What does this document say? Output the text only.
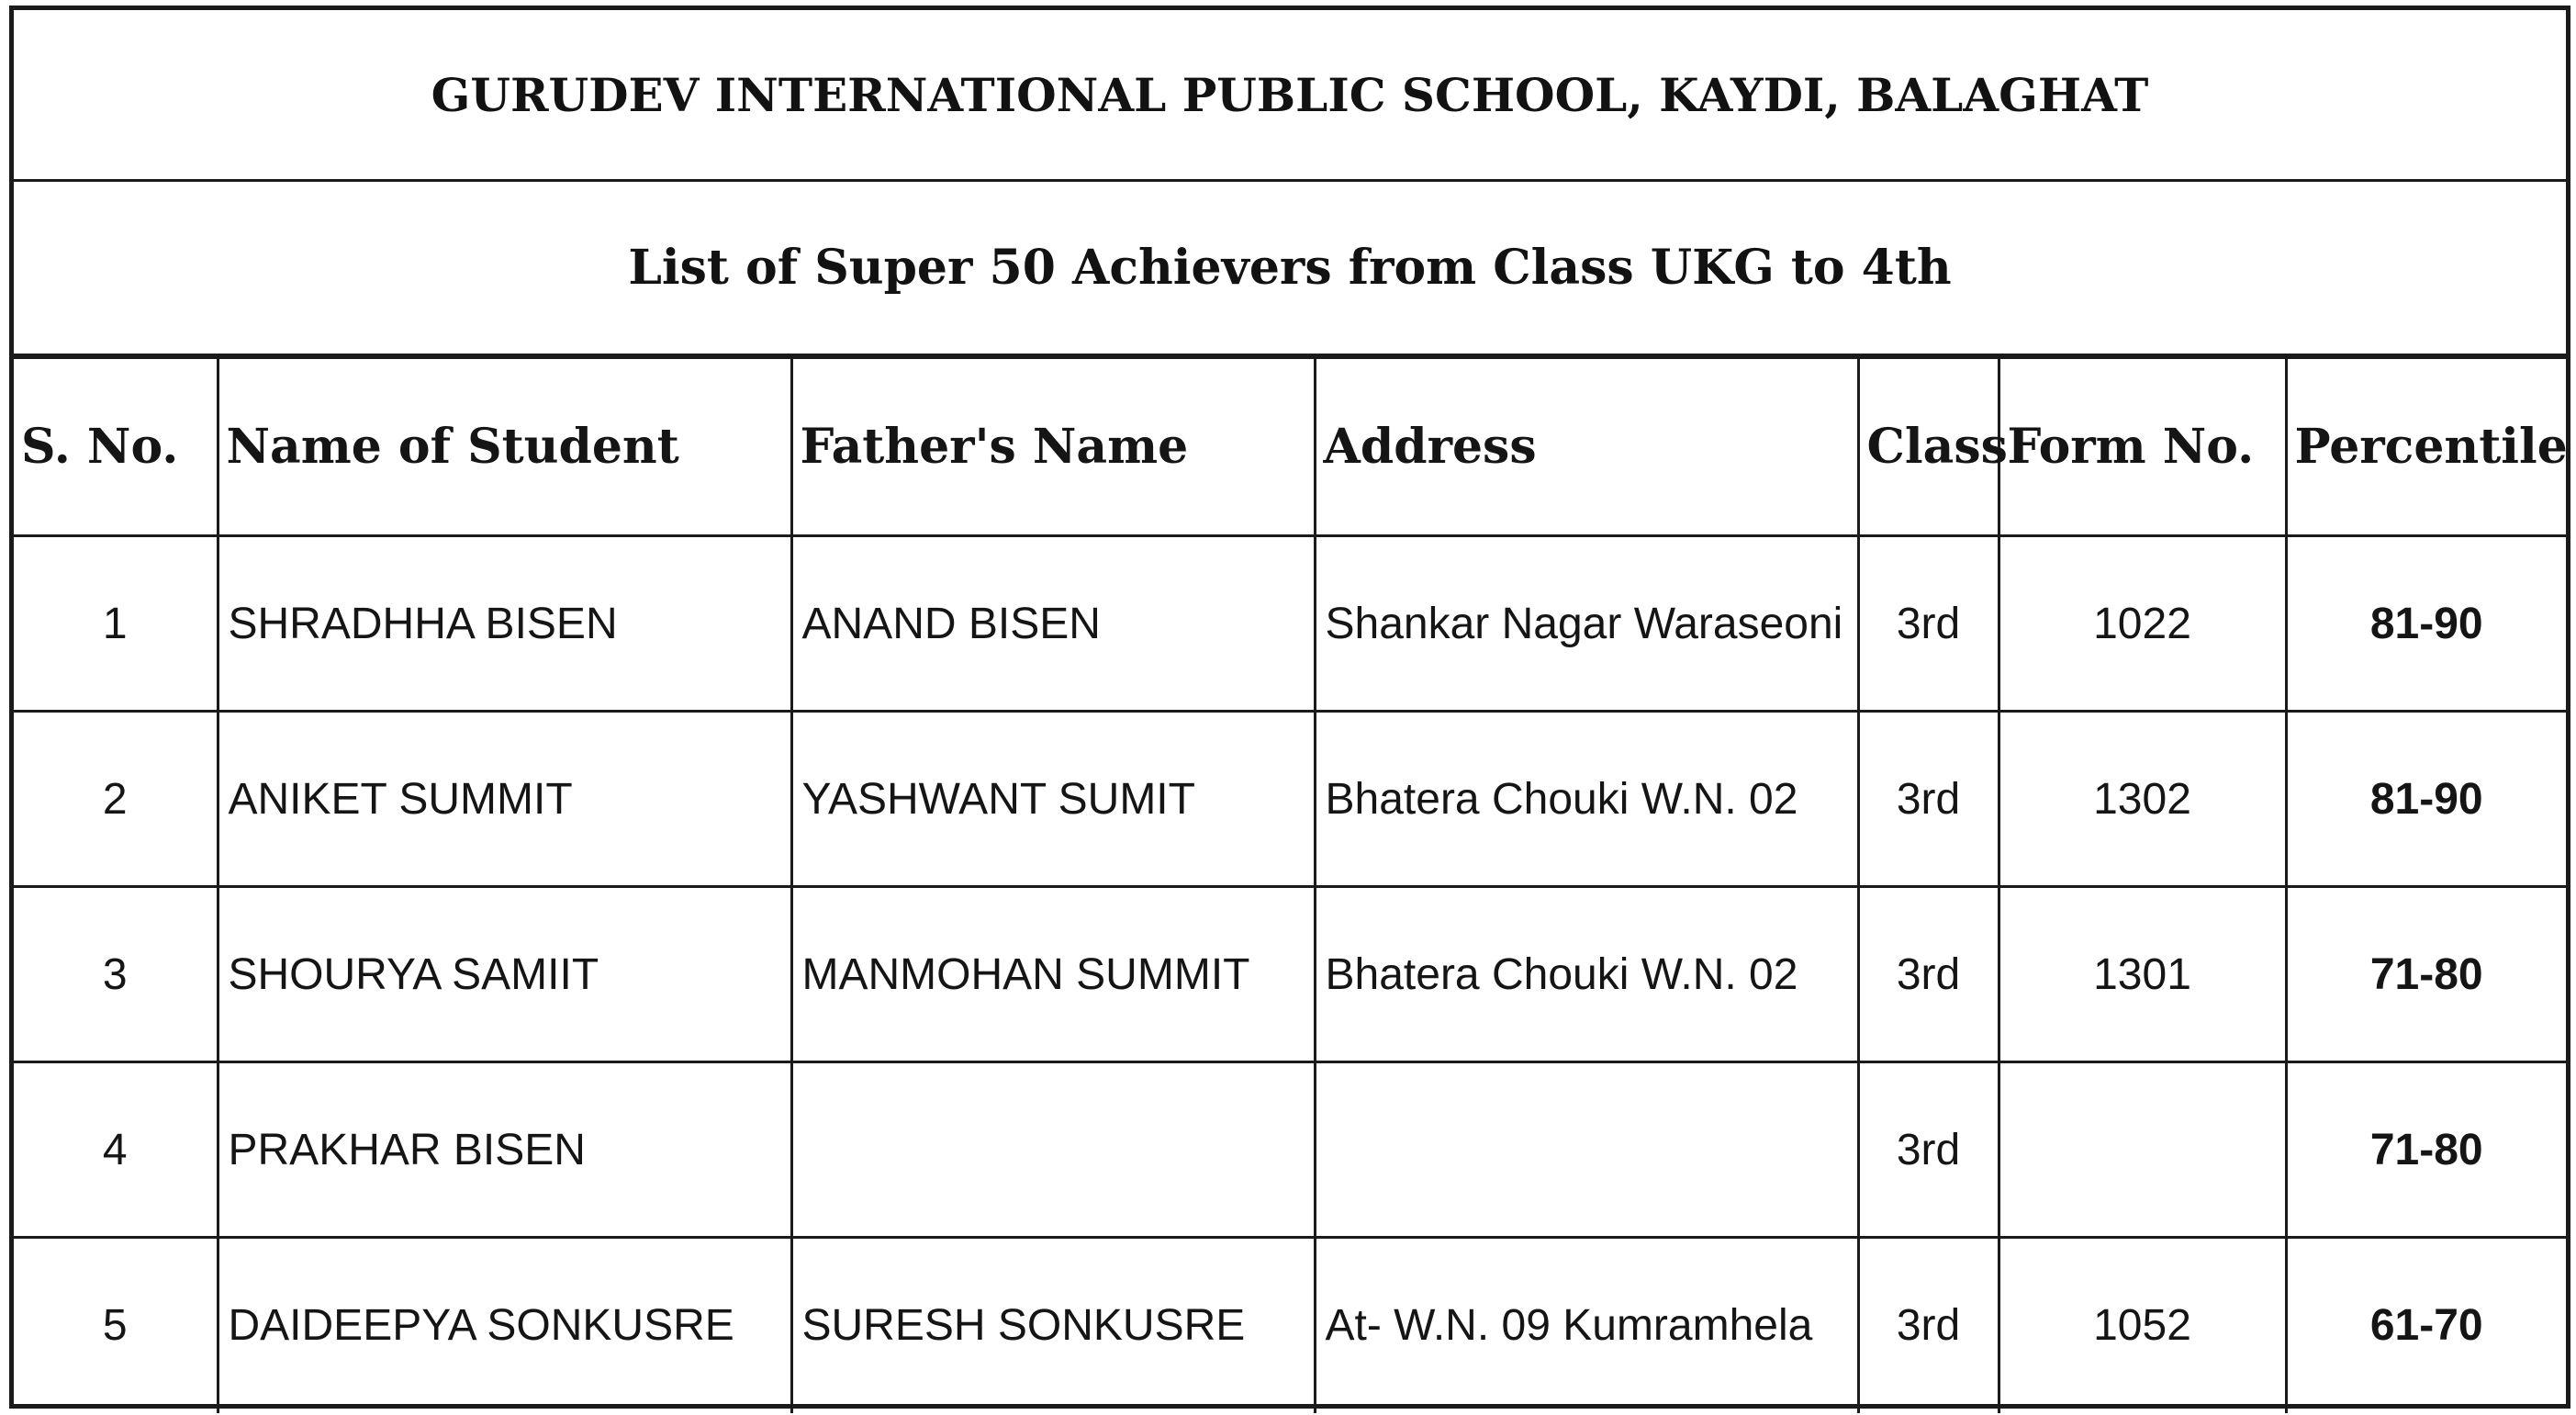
GURUDEV INTERNATIONAL PUBLIC SCHOOL, KAYDI, BALAGHAT
List of Super 50 Achievers from Class UKG to 4th
S. No.	Name of Student	Father's Name	Address	Class	Form No.	Percentile
1	SHRADHHA BISEN	ANAND BISEN	Shankar Nagar Waraseoni	3rd	1022	81-90
2	ANIKET SUMMIT	YASHWANT SUMIT	Bhatera Chouki W.N. 02	3rd	1302	81-90
3	SHOURYA SAMIIT	MANMOHAN SUMMIT	Bhatera Chouki W.N. 02	3rd	1301	71-80
4	PRAKHAR BISEN			3rd		71-80
5	DAIDEEPYA SONKUSRE	SURESH SONKUSRE	At- W.N. 09 Kumramhela	3rd	1052	61-70
